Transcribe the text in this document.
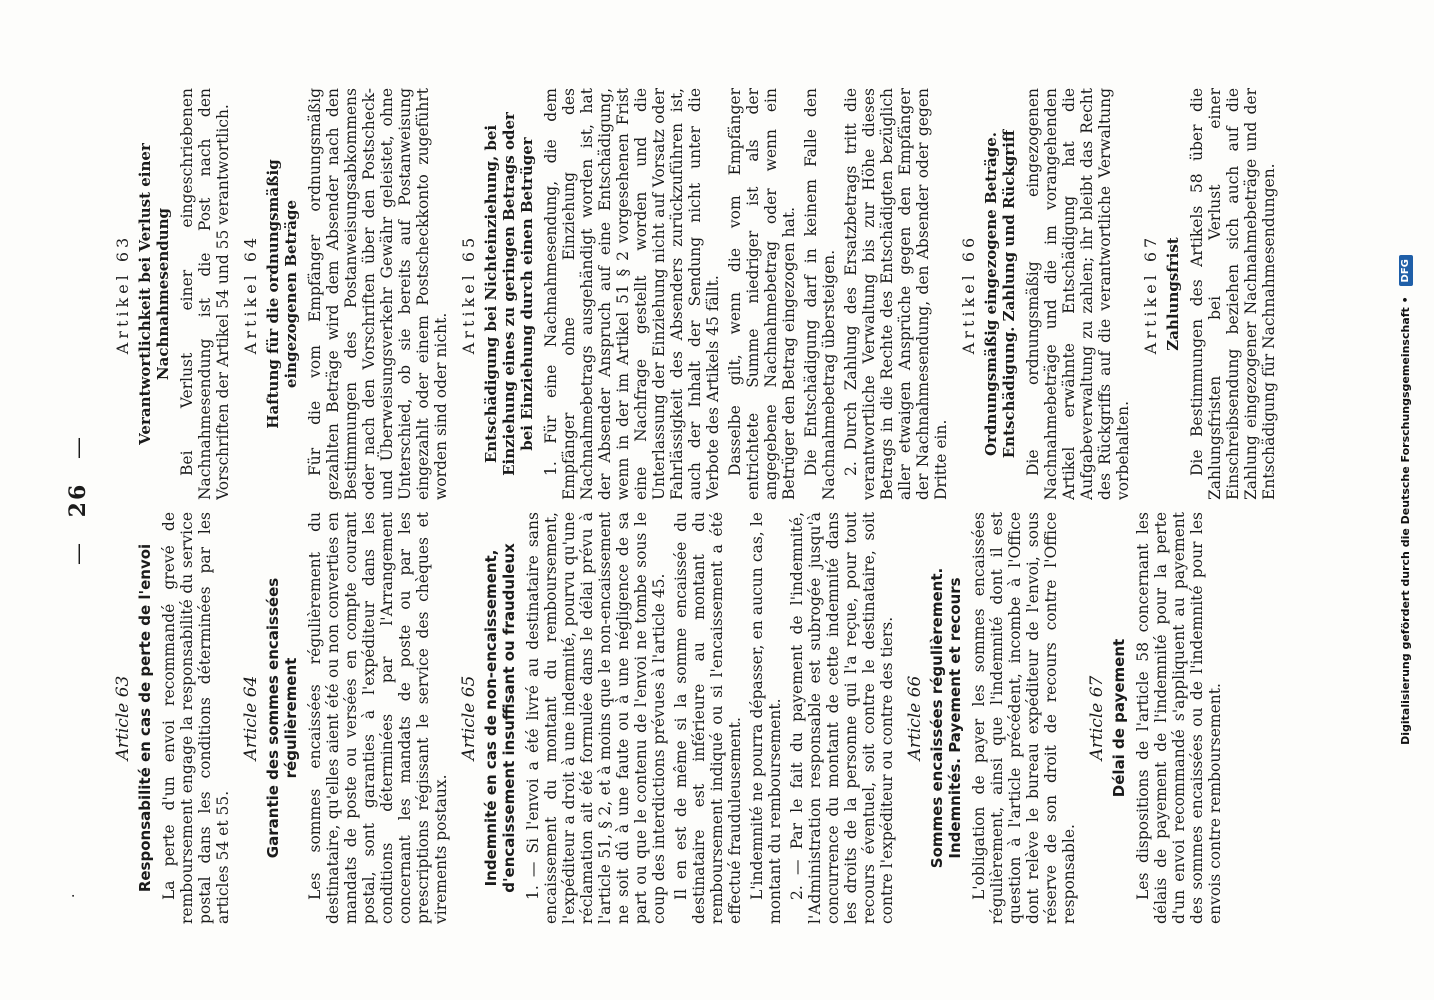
·
— 26 —
Article 63 Responsabilité en cas de perte de l'envoi La perte d'un envoi recommandé grevé de remboursement engage la responsabilité du service postal dans les conditions déterminées par les articles 54 et 55.

Article 64 Garantie des sommes encaissées régulièrement Les sommes encaissées régulièrement du destinataire, qu'elles aient été ou non converties en mandats de poste ou versées en compte courant postal, sont garanties à l'expéditeur dans les conditions déterminées par l'Arrangement concernant les mandats de poste ou par les prescriptions régissant le service des chèques et virements postaux.

Article 65 Indemnité en cas de non-encaissement, d'encaissement insuffisant ou frauduleux 1. — Si l'envoi a été livré au destinataire sans encaissement du montant du remboursement, l'expéditeur a droit à une indemnité, pourvu qu'une réclamation ait été formulée dans le délai prévu à l'article 51, § 2, et à moins que le non-encaissement ne soit dû à une faute ou à une négligence de sa part ou que le contenu de l'envoi ne tombe sous le coup des interdictions prévues à l'article 45. Il en est de même si la somme encaissée du destinataire est inférieure au montant du remboursement indiqué ou si l'encaissement a été effectué frauduleusement. L'indemnité ne pourra dépasser, en aucun cas, le montant du remboursement. 2. — Par le fait du payement de l'indemnité, l'Administration responsable est subrogée jusqu'à concurrence du montant de cette indemnité dans les droits de la personne qui l'a reçue, pour tout recours éventuel, soit contre le destinataire, soit contre l'expéditeur ou contre des tiers. Article 66 Sommes encaissées régulièrement. Indemnités. Payement et recours L'obligation de payer les sommes encaissées régulièrement, ainsi que l'indemnité dont il est question à l'article précédent, incombe à l'Office dont relève le bureau expéditeur de l'envoi, sous réserve de son droit de recours contre l'Office responsable.

Article 67 Délai de payement Les dispositions de l'article 58 concernant les délais de payement de l'indemnité pour la perte d'un envoi recommandé s'appliquent au payement des sommes encaissées ou de l'indemnité pour les envois contre remboursement.

Artikel 63 Verantwortlichkeit bei Verlust einer Nachnahmesendung Bei Verlust einer eingeschriebenen Nachnahmesendung ist die Post nach den Vorschriften der Artikel 54 und 55 verantwortlich. Artikel 64 Haftung für die ordnungsmäßig eingezogenen Beträge Für die vom Empfänger ordnungsmäßig gezahlten Beträge wird dem Absender nach den Bestimmungen des Postanweisungsabkommens oder nach den Vorschriften über den Postscheck- und Überweisungsverkehr Gewähr geleistet, ohne Unterschied, ob sie bereits auf Postanweisung eingezahlt oder einem Postscheckkonto zugeführt worden sind oder nicht.

Artikel 65 Entschädigung bei Nichteinziehung, bei Einziehung eines zu geringen Betrags oder bei Einziehung durch einen Betrüger 1. Für eine Nachnahmesendung, die dem Empfänger ohne Einziehung des Nachnahmebetrags ausgehändigt worden ist, hat der Absender Anspruch auf eine Entschädigung, wenn in der im Artikel 51 § 2 vorgesehenen Frist eine Nachfrage gestellt worden und die Unterlassung der Einziehung nicht auf Vorsatz oder Fahrlässigkeit des Absenders zurückzuführen ist, auch der Inhalt der Sendung nicht unter die Verbote des Artikels 45 fällt. Dasselbe gilt, wenn die vom Empfänger entrichtete Summe niedriger ist als der angegebene Nachnahmebetrag oder wenn ein Betrüger den Betrag eingezogen hat. Die Entschädigung darf in keinem Falle den Nachnahmebetrag übersteigen. 2. Durch Zahlung des Ersatzbetrags tritt die verantwortliche Verwaltung bis zur Höhe dieses Betrags in die Rechte des Entschädigten bezüglich aller etwaigen Ansprüche gegen den Empfänger der Nachnahmesendung, den Absender oder gegen Dritte ein.

Artikel 66 Ordnungsmäßig eingezogene Beträge. Entschädigung. Zahlung und Rückgriff Die ordnungsmäßig eingezogenen Nachnahmebeträge und die im vorangehenden Artikel erwähnte Entschädigung hat die Aufgabeverwaltung zu zahlen; ihr bleibt das Recht des Rückgriffs auf die verantwortliche Verwaltung vorbehalten.

Artikel 67 Zahlungsfrist Die Bestimmungen des Artikels 58 über die Zahlungsfristen bei Verlust einer Einschreibsendung beziehen sich auch auf die Zahlung eingezogener Nachnahmebeträge und der Entschädigung für Nachnahmesendungen.	Digitalisierung gefördert durch die Deutsche Forschungsgemeinschaft • DFG
